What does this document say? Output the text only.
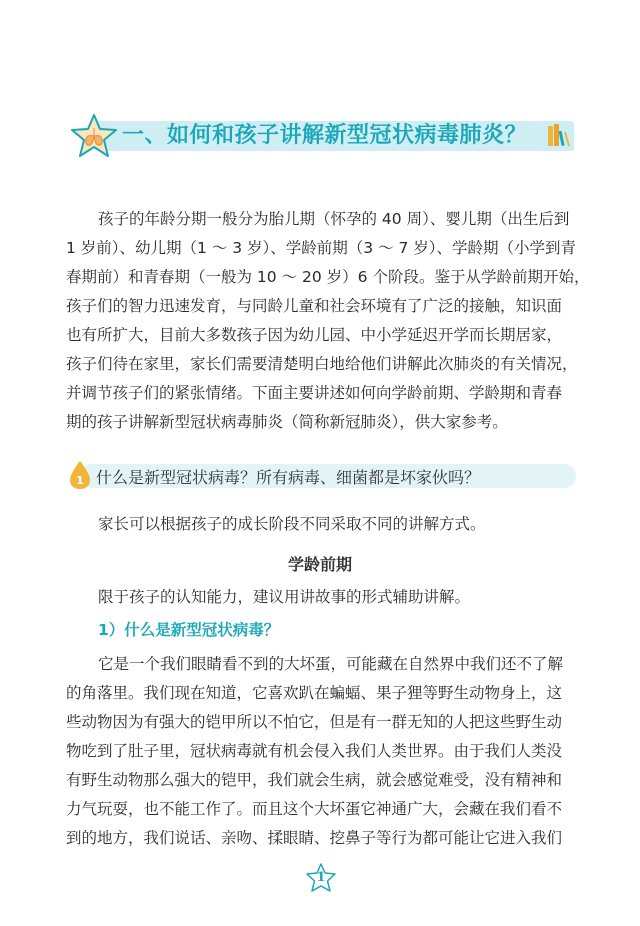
一、如何和孩子讲解新型冠状病毒肺炎？
孩子的年龄分期一般分为胎儿期（怀孕的 40 周）、婴儿期（出生后到
1 岁前）、幼儿期（1 ～ 3 岁）、学龄前期（3 ～ 7 岁）、学龄期（小学到青
春期前）和青春期（一般为 10 ～ 20 岁）6 个阶段。鉴于从学龄前期开始，
孩子们的智力迅速发育，与同龄儿童和社会环境有了广泛的接触，知识面
也有所扩大，目前大多数孩子因为幼儿园、中小学延迟开学而长期居家，
孩子们待在家里，家长们需要清楚明白地给他们讲解此次肺炎的有关情况，
并调节孩子们的紧张情绪。下面主要讲述如何向学龄前期、学龄期和青春
期的孩子讲解新型冠状病毒肺炎（简称新冠肺炎），供大家参考。
1 什么是新型冠状病毒？所有病毒、细菌都是坏家伙吗？
家长可以根据孩子的成长阶段不同采取不同的讲解方式。
学龄前期
限于孩子的认知能力，建议用讲故事的形式辅助讲解。
1）什么是新型冠状病毒？
它是一个我们眼睛看不到的大坏蛋，可能藏在自然界中我们还不了解
的角落里。我们现在知道，它喜欢趴在蝙蝠、果子狸等野生动物身上，这
些动物因为有强大的铠甲所以不怕它，但是有一群无知的人把这些野生动
物吃到了肚子里，冠状病毒就有机会侵入我们人类世界。由于我们人类没
有野生动物那么强大的铠甲，我们就会生病，就会感觉难受，没有精神和
力气玩耍，也不能工作了。而且这个大坏蛋它神通广大，会藏在我们看不
到的地方，我们说话、亲吻、揉眼睛、挖鼻子等行为都可能让它进入我们
1
